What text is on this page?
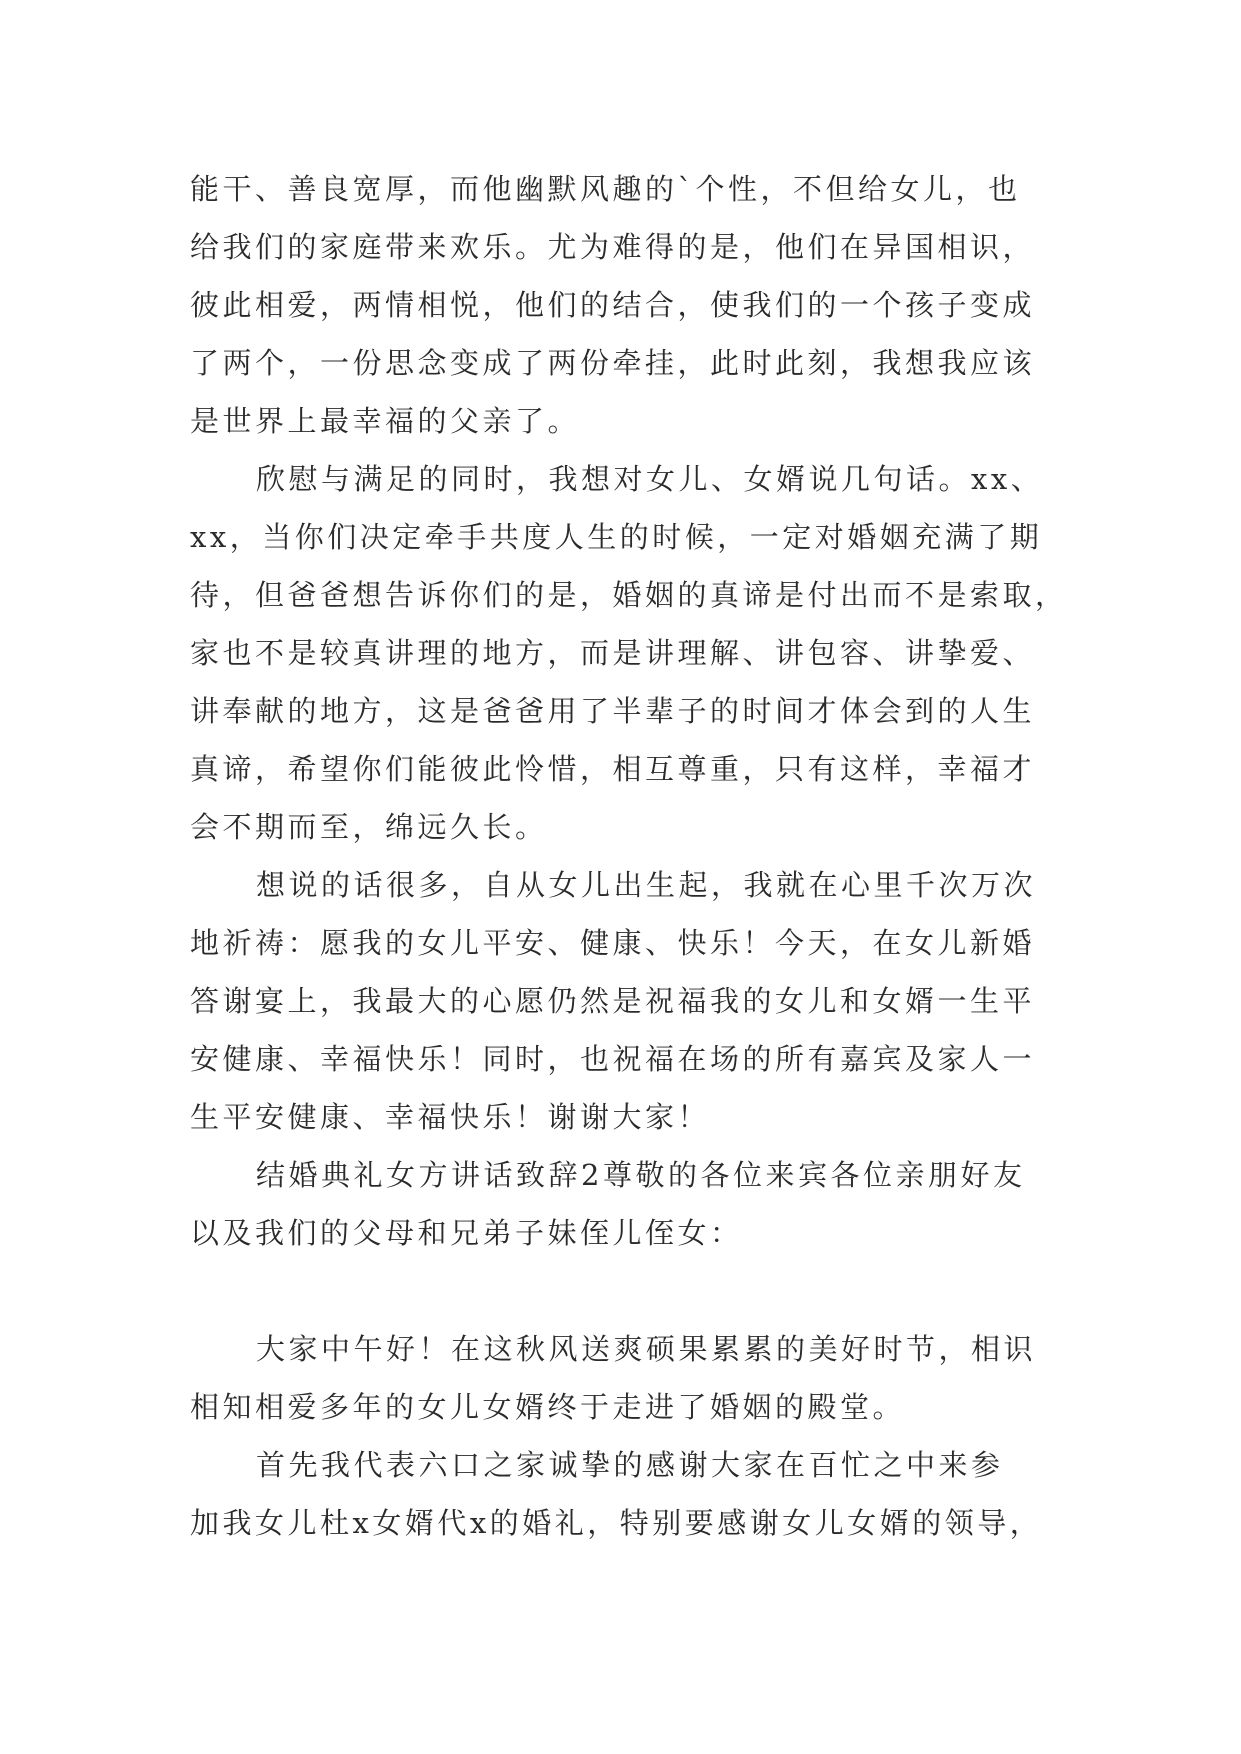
能干、善良宽厚，而他幽默风趣的`个性，不但给女儿，也
给我们的家庭带来欢乐。尤为难得的是，他们在异国相识，
彼此相爱，两情相悦，他们的结合，使我们的一个孩子变成
了两个，一份思念变成了两份牵挂，此时此刻，我想我应该
是世界上最幸福的父亲了。
欣慰与满足的同时，我想对女儿、女婿说几句话。xx、
xx，当你们决定牵手共度人生的时候，一定对婚姻充满了期
待，但爸爸想告诉你们的是，婚姻的真谛是付出而不是索取，
家也不是较真讲理的地方，而是讲理解、讲包容、讲挚爱、
讲奉献的地方，这是爸爸用了半辈子的时间才体会到的人生
真谛，希望你们能彼此怜惜，相互尊重，只有这样，幸福才
会不期而至，绵远久长。
想说的话很多，自从女儿出生起，我就在心里千次万次
地祈祷：愿我的女儿平安、健康、快乐！今天，在女儿新婚
答谢宴上，我最大的心愿仍然是祝福我的女儿和女婿一生平
安健康、幸福快乐！同时，也祝福在场的所有嘉宾及家人一
生平安健康、幸福快乐！谢谢大家！
结婚典礼女方讲话致辞2尊敬的各位来宾各位亲朋好友
以及我们的父母和兄弟子妹侄儿侄女：
大家中午好！在这秋风送爽硕果累累的美好时节，相识
相知相爱多年的女儿女婿终于走进了婚姻的殿堂。
首先我代表六口之家诚挚的感谢大家在百忙之中来参
加我女儿杜x女婿代x的婚礼，特别要感谢女儿女婿的领导，
